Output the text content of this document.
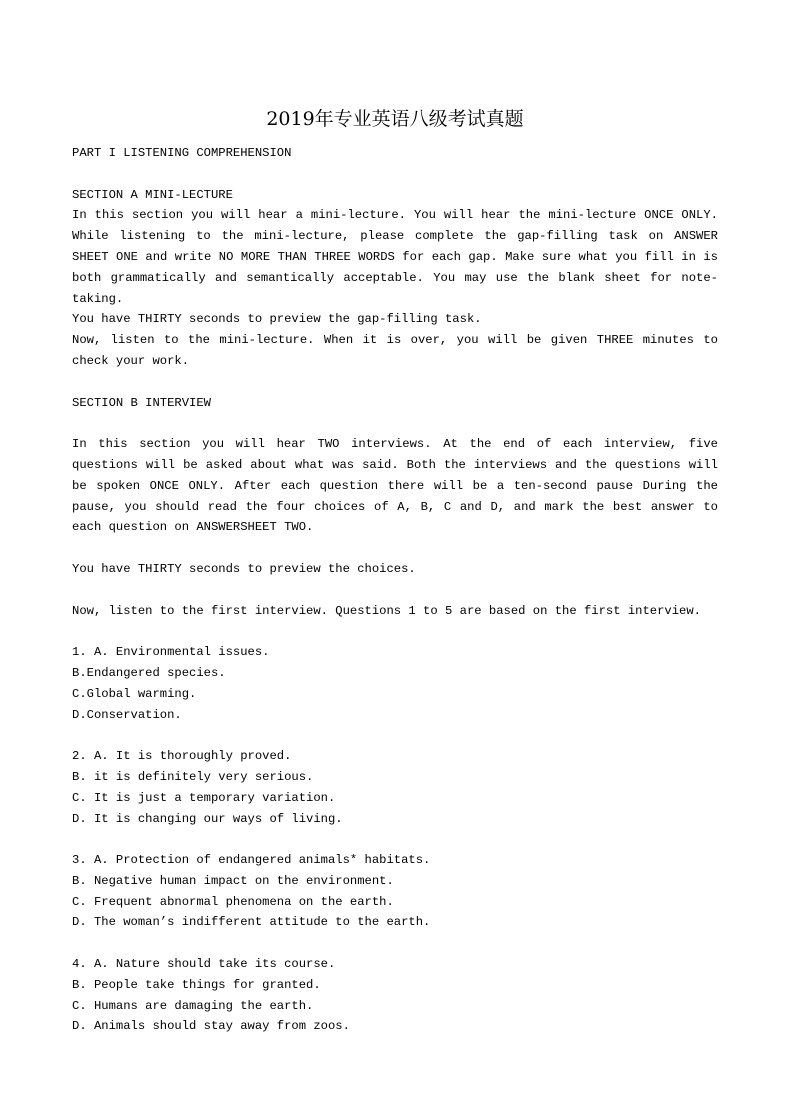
2019年专业英语八级考试真题

PART I LISTENING COMPREHENSION

SECTION A MINI-LECTURE

In this section you will hear a mini-lecture. You will hear the mini-lecture ONCE ONLY. While listening to the mini-lecture, please complete the gap-filling task on ANSWER SHEET ONE and write NO MORE THAN THREE WORDS for each gap. Make sure what you fill in is both grammatically and semantically acceptable. You may use the blank sheet for note-taking.

You have THIRTY seconds to preview the gap-filling task.

Now, listen to the mini-lecture. When it is over, you will be given THREE minutes to check your work.

SECTION B INTERVIEW

In this section you will hear TWO interviews. At the end of each interview, five questions will be asked about what was said. Both the interviews and the questions will be spoken ONCE ONLY. After each question there will be a ten-second pause During the pause, you should read the four choices of A, B, C and D, and mark the best answer to each question on ANSWERSHEET TWO.

You have THIRTY seconds to preview the choices.

Now, listen to the first interview. Questions 1 to 5 are based on the first interview.

1. A. Environmental issues.

B.Endangered species.

C.Global warming.

D.Conservation.

2. A. It is thoroughly proved.

B. it is definitely very serious.

C. It is just a temporary variation.

D. It is changing our ways of living.

3. A. Protection of endangered animals* habitats.

B. Negative human impact on the environment.

C. Frequent abnormal phenomena on the earth.

D. The woman’s indifferent attitude to the earth.

4. A. Nature should take its course.

B. People take things for granted.

C. Humans are damaging the earth.

D. Animals should stay away from zoos.
